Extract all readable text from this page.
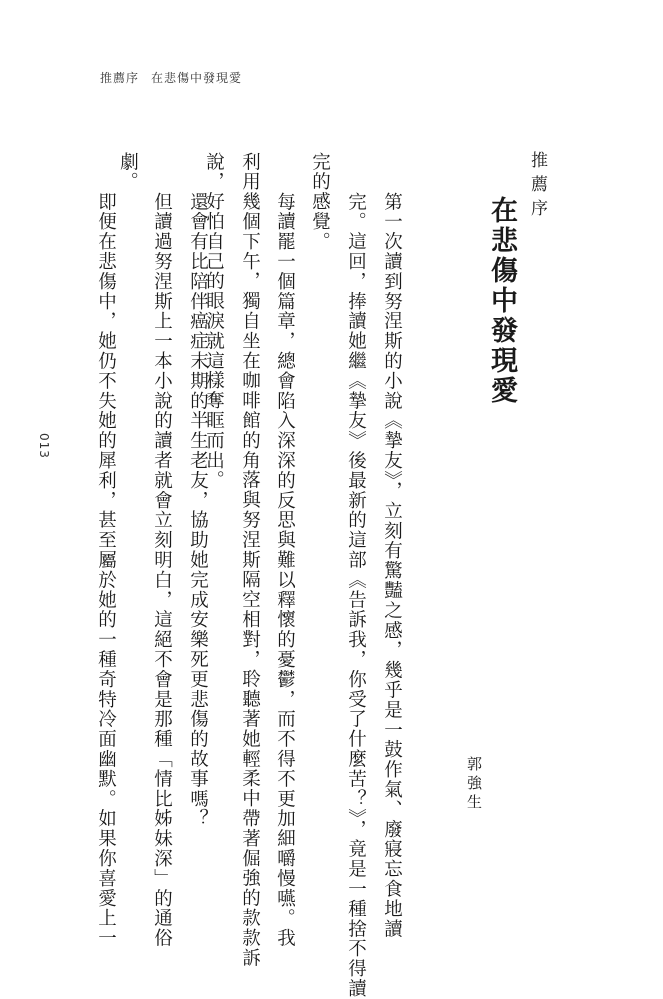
推薦序 在悲傷中發現愛
013
推薦序
在悲傷中發現愛
郭強生
第一次讀到努涅斯的小說《摯友》，立刻有驚豔之感，幾乎是一鼓作氣、廢寢忘食地讀
完。這回，捧讀她繼《摯友》後最新的這部《告訴我，你受了什麼苦？》，竟是一種捨不得讀
完的感覺。
每讀罷一個篇章，總會陷入深深的反思與難以釋懷的憂鬱，而不得不更加細嚼慢嚥。我
利用幾個下午，獨自坐在咖啡館的角落與努涅斯隔空相對，聆聽著她輕柔中帶著倔強的款款訴
說，好怕自己的眼淚就這樣奪眶而出。
還會有比陪伴癌症末期的半生老友，協助她完成安樂死更悲傷的故事嗎？
但讀過努涅斯上一本小說的讀者就會立刻明白，這絕不會是那種「情比姊妹深」的通俗
劇。
即便在悲傷中，她仍不失她的犀利，甚至屬於她的一種奇特冷面幽默。如果你喜愛上一
